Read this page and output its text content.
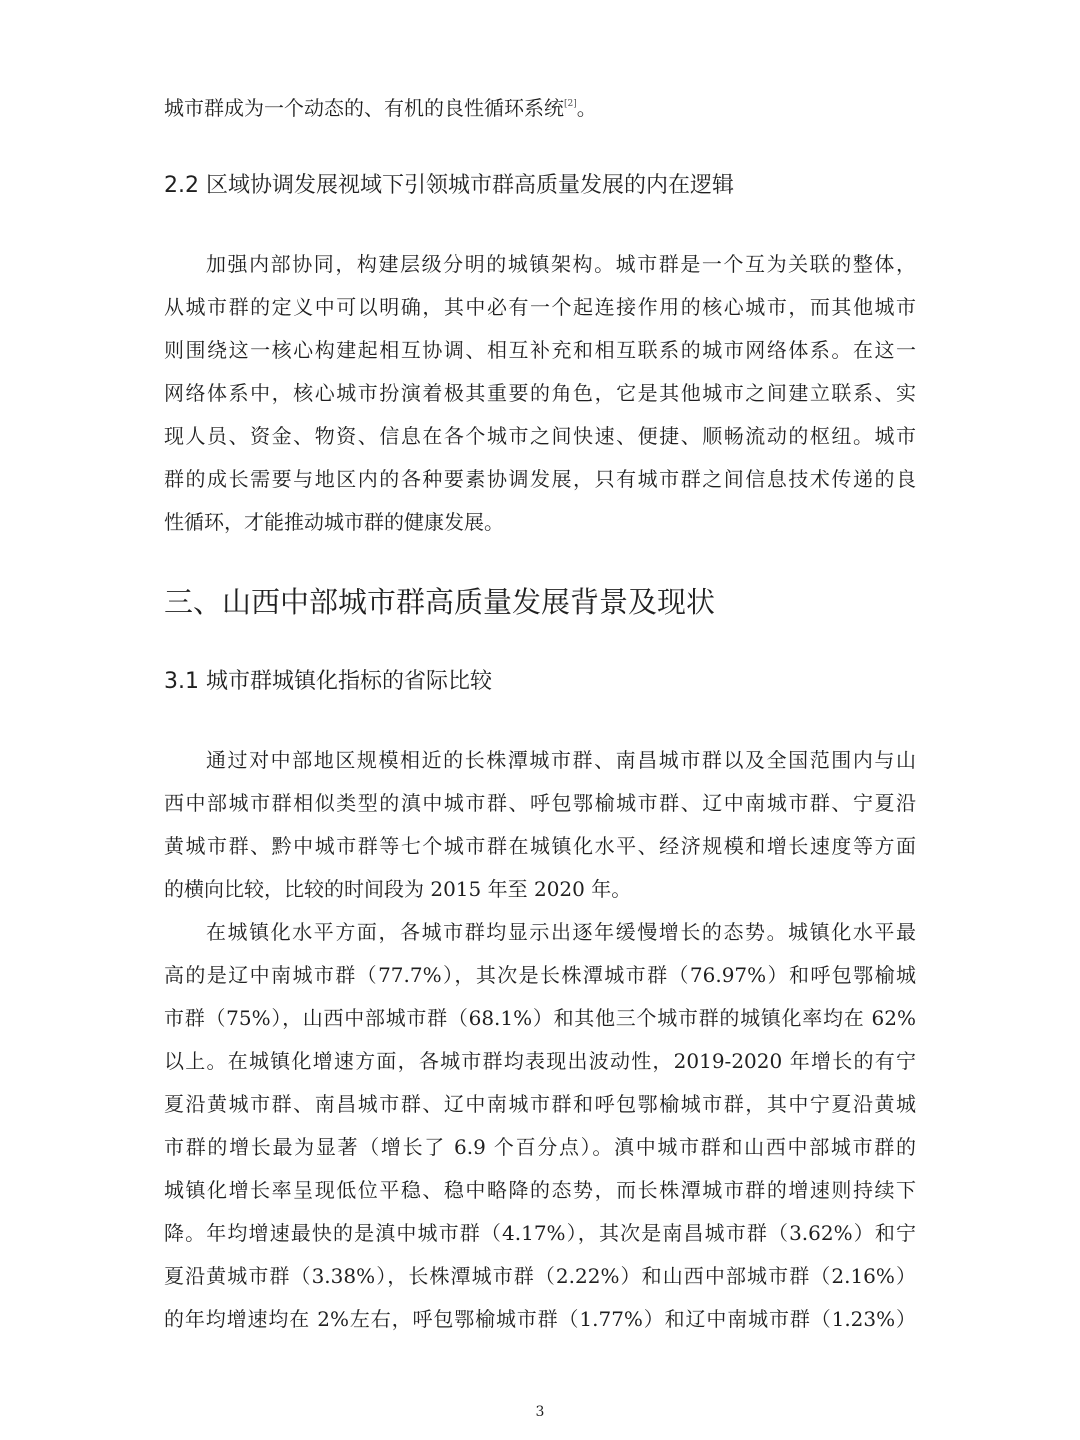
城市群成为一个动态的、有机的良性循环系统[2]。

2.2 区域协调发展视域下引领城市群高质量发展的内在逻辑

加强内部协同，构建层级分明的城镇架构。城市群是一个互为关联的整体，

从城市群的定义中可以明确，其中必有一个起连接作用的核心城市，而其他城市

则围绕这一核心构建起相互协调、相互补充和相互联系的城市网络体系。在这一

网络体系中，核心城市扮演着极其重要的角色，它是其他城市之间建立联系、实

现人员、资金、物资、信息在各个城市之间快速、便捷、顺畅流动的枢纽。城市

群的成长需要与地区内的各种要素协调发展，只有城市群之间信息技术传递的良

性循环，才能推动城市群的健康发展。

三、山西中部城市群高质量发展背景及现状
3.1 城市群城镇化指标的省际比较

通过对中部地区规模相近的长株潭城市群、南昌城市群以及全国范围内与山

西中部城市群相似类型的滇中城市群、呼包鄂榆城市群、辽中南城市群、宁夏沿

黄城市群、黔中城市群等七个城市群在城镇化水平、经济规模和增长速度等方面

的横向比较，比较的时间段为 2015 年至 2020 年。

在城镇化水平方面，各城市群均显示出逐年缓慢增长的态势。城镇化水平最

高的是辽中南城市群（77.7%），其次是长株潭城市群（76.97%）和呼包鄂榆城

市群（75%），山西中部城市群（68.1%）和其他三个城市群的城镇化率均在 62%

以上。在城镇化增速方面，各城市群均表现出波动性，2019-2020 年增长的有宁

夏沿黄城市群、南昌城市群、辽中南城市群和呼包鄂榆城市群，其中宁夏沿黄城

市群的增长最为显著（增长了 6.9 个百分点）。滇中城市群和山西中部城市群的

城镇化增长率呈现低位平稳、稳中略降的态势，而长株潭城市群的增速则持续下

降。年均增速最快的是滇中城市群（4.17%），其次是南昌城市群（3.62%）和宁

夏沿黄城市群（3.38%），长株潭城市群（2.22%）和山西中部城市群（2.16%）

的年均增速均在 2%左右，呼包鄂榆城市群（1.77%）和辽中南城市群（1.23%）

3
